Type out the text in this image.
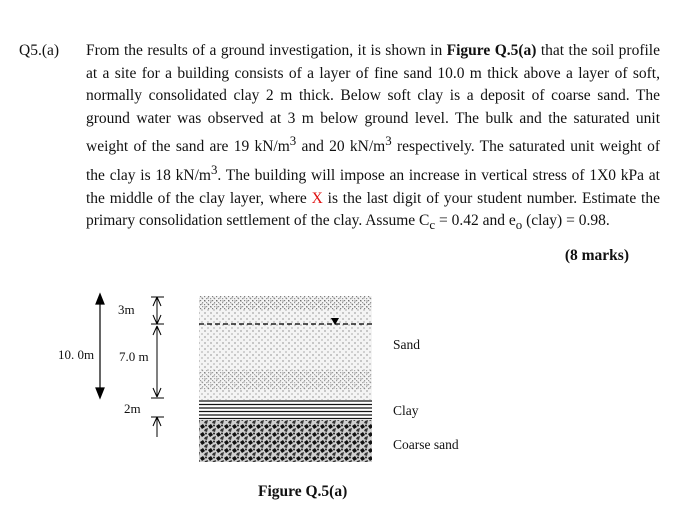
Q5.(a) From the results of a ground investigation, it is shown in Figure Q.5(a) that the soil profile at a site for a building consists of a layer of fine sand 10.0 m thick above a layer of soft, normally consolidated clay 2 m thick. Below soft clay is a deposit of coarse sand. The ground water was observed at 3 m below ground level. The bulk and the saturated unit weight of the sand are 19 $kN/m^3$ and 20 $kN/m^3$ respectively. The saturated unit weight of the clay is 18 $kN/m^3$. The building will impose an increase in vertical stress of 1X0 kPa at the middle of the clay layer, where X is the last digit of your student number. Estimate the primary consolidation settlement of the clay. Assume $C_c = 0.42$ and $e_o$ (clay) = 0.98.
(8 marks)
3m
10. 0m 7.0 m
2m
Sand
Clay
Coarse sand
Figure Q.5(a)
